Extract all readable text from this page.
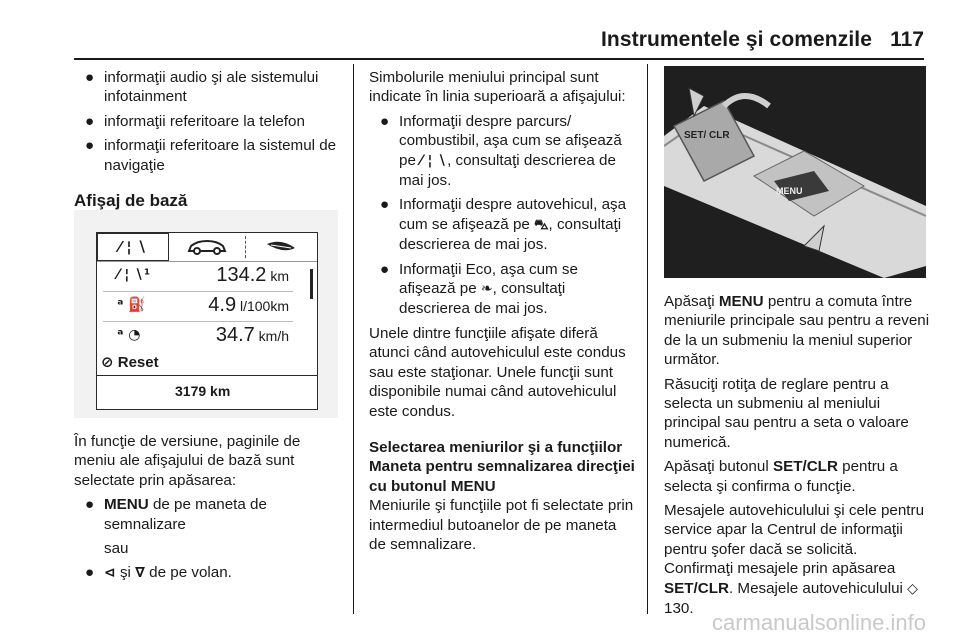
Instrumentele şi comenzile 117
● informaţii audio şi ale sistemului infotainment
● informaţii referitoare la telefon
● informaţii referitoare la sistemul de navigaţie
Afişaj de bază
⁄ ¦ ∖
⁄ ¦ ∖¹	134.2 km
ᵃ ⛽	4.9 l/100km
ᵃ ◔	34.7 km/h
⊘ Reset
3179 km

În funcţie de versiune, paginile de meniu ale afişajului de bază sunt selectate prin apăsarea:

● MENU de pe maneta de semnalizare
sau
● ⊲ şi ∇ de pe volan.

Simbolurile meniului principal sunt indicate în linia superioară a afişajului:

● Informaţii despre parcurs/ combustibil, aşa cum se afişează pe ⁄ ¦ ∖, consultaţi descrierea de mai jos.
● Informaţii despre autovehicul, aşa cum se afişează pe ⛍, consultaţi descrierea de mai jos.
● Informaţii Eco, aşa cum se afişează pe ❧, consultaţi descrierea de mai jos.

Unele dintre funcţiile afişate diferă atunci când autovehiculul este condus sau este staţionar. Unele funcţii sunt disponibile numai când autovehiculul este condus.

Selectarea meniurilor şi a funcţiilor
Maneta pentru semnalizarea direcţiei cu butonul MENU

Meniurile şi funcţiile pot fi selectate prin intermediul butoanelor de pe maneta de semnalizare.

SET/ CLR
MENU

Apăsaţi MENU pentru a comuta între meniurile principale sau pentru a reveni de la un submeniu la meniul superior următor.

Răsuciţi rotiţa de reglare pentru a selecta un submeniu al meniului principal sau pentru a seta o valoare numerică.

Apăsaţi butonul SET/CLR pentru a selecta şi confirma o funcţie.

Mesajele autovehiculului şi cele pentru service apar la Centrul de informaţii pentru şofer dacă se solicită. Confirmaţi mesajele prin apăsarea SET/CLR. Mesajele autovehiculului ◇ 130.

carmanualsonline.info
